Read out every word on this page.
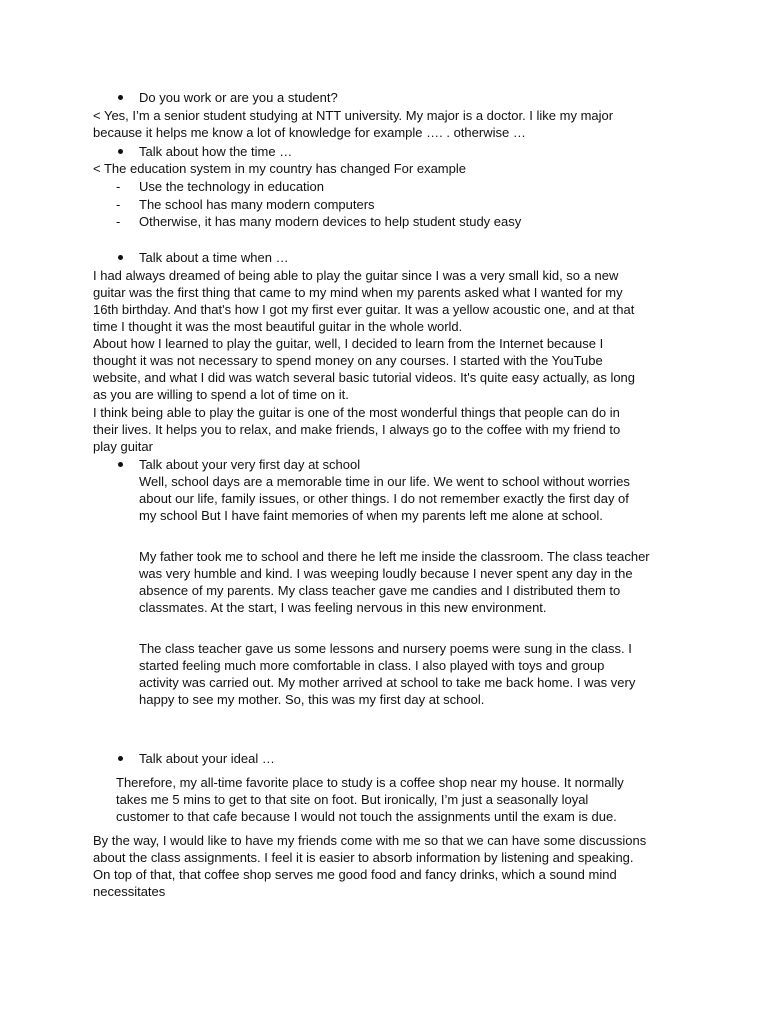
Do you work or are you a student?
< Yes, I’m a senior student studying at NTT university. My major is a doctor. I like my major
because it helps me know a lot of knowledge for example …. . otherwise …
Talk about how the time …
< The education system in my country has changed For example
- Use the technology in education
- The school has many modern computers
- Otherwise, it has many modern devices to help student study easy
Talk about a time when …
I had always dreamed of being able to play the guitar since I was a very small kid, so a new
guitar was the first thing that came to my mind when my parents asked what I wanted for my
16th birthday. And that's how I got my first ever guitar. It was a yellow acoustic one, and at that
time I thought it was the most beautiful guitar in the whole world.
About how I learned to play the guitar, well, I decided to learn from the Internet because I
thought it was not necessary to spend money on any courses. I started with the YouTube
website, and what I did was watch several basic tutorial videos. It's quite easy actually, as long
as you are willing to spend a lot of time on it.
I think being able to play the guitar is one of the most wonderful things that people can do in
their lives. It helps you to relax, and make friends, I always go to the coffee with my friend to
play guitar
Talk about your very first day at school
Well, school days are a memorable time in our life. We went to school without worries
about our life, family issues, or other things. I do not remember exactly the first day of
my school But I have faint memories of when my parents left me alone at school.
My father took me to school and there he left me inside the classroom. The class teacher
was very humble and kind. I was weeping loudly because I never spent any day in the
absence of my parents. My class teacher gave me candies and I distributed them to
classmates. At the start, I was feeling nervous in this new environment.
The class teacher gave us some lessons and nursery poems were sung in the class. I
started feeling much more comfortable in class. I also played with toys and group
activity was carried out. My mother arrived at school to take me back home. I was very
happy to see my mother. So, this was my first day at school.
Talk about your ideal …
Therefore, my all-time favorite place to study is a coffee shop near my house. It normally
takes me 5 mins to get to that site on foot. But ironically, I’m just a seasonally loyal
customer to that cafe because I would not touch the assignments until the exam is due.
By the way, I would like to have my friends come with me so that we can have some discussions
about the class assignments. I feel it is easier to absorb information by listening and speaking.
On top of that, that coffee shop serves me good food and fancy drinks, which a sound mind
necessitates
